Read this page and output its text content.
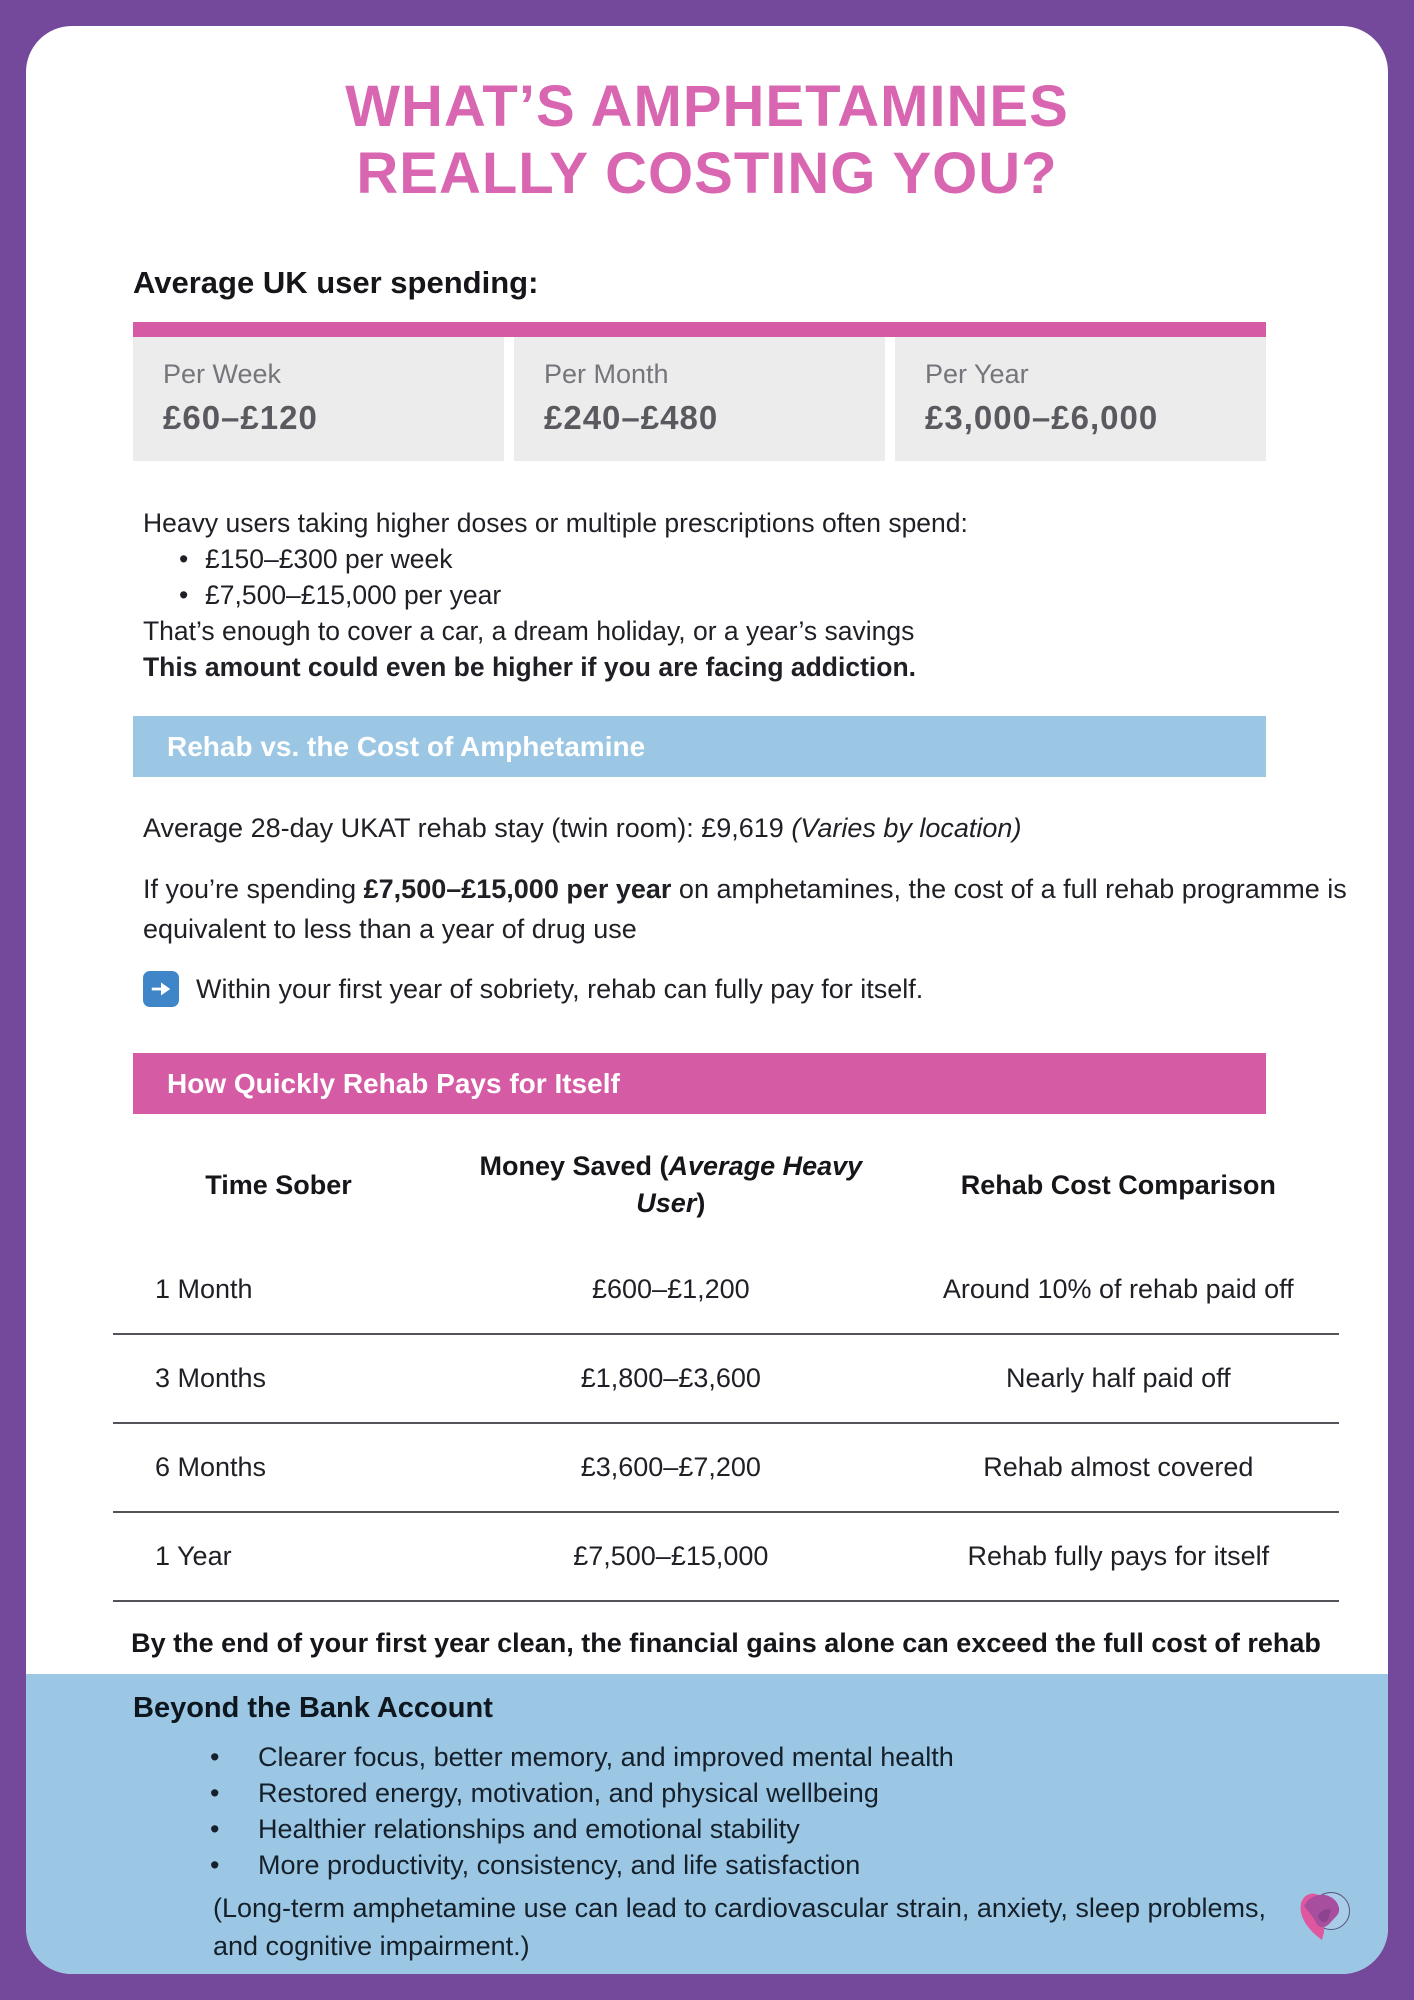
WHAT’S AMPHETAMINES
REALLY COSTING YOU?
Average UK user spending:
Per Week
£60–£120
Per Month
£240–£480
Per Year
£3,000–£6,000
Heavy users taking higher doses or multiple prescriptions often spend:
• £150–£300 per week
• £7,500–£15,000 per year
That’s enough to cover a car, a dream holiday, or a year’s savings
This amount could even be higher if you are facing addiction.
Rehab vs. the Cost of Amphetamine

Average 28-day UKAT rehab stay (twin room): £9,619 (Varies by location)

If you’re spending £7,500–£15,000 per year on amphetamines, the cost of a full rehab programme is equivalent to less than a year of drug use

Within your first year of sobriety, rehab can fully pay for itself.
How Quickly Rehab Pays for Itself
Time Sober	Money Saved (Average Heavy User)	Rehab Cost Comparison
1 Month	£600–£1,200	Around 10% of rehab paid off
3 Months	£1,800–£3,600	Nearly half paid off
6 Months	£3,600–£7,200	Rehab almost covered
1 Year	£7,500–£15,000	Rehab fully pays for itself
By the end of your first year clean, the financial gains alone can exceed the full cost of rehab
Beyond the Bank Account
• Clearer focus, better memory, and improved mental health
• Restored energy, motivation, and physical wellbeing
• Healthier relationships and emotional stability
• More productivity, consistency, and life satisfaction
(Long-term amphetamine use can lead to cardiovascular strain, anxiety, sleep problems, and cognitive impairment.)
